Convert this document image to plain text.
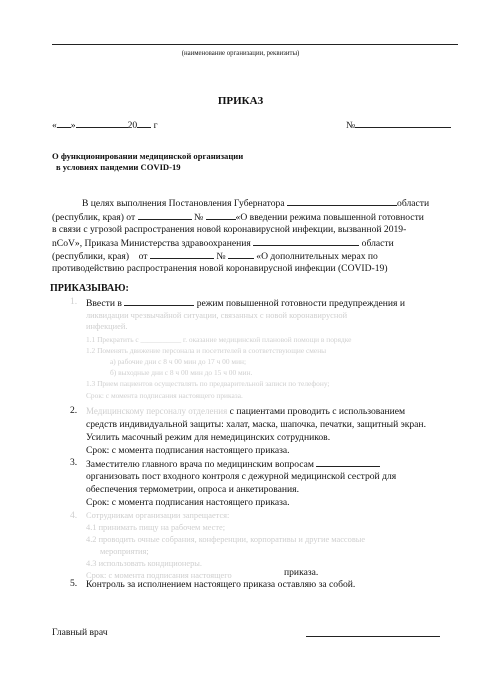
(наименование организации, реквизиты)
ПРИКАЗ
« »	20 г	№
О функционировании медицинской организации
в условиях пандемии COVID-19
В целях выполнения Постановления Губернатора	области
(республик, края) от	№	«О введении режима повышенной готовности
в связи с угрозой распространения новой коронавирусной инфекции, вызванной 2019-
nCoV», Приказа Министерства здравоохранения	области
(республики, края) от	№	«О дополнительных мерах по
противодействию распространения новой коронавирусной инфекции (COVID-19)
ПРИКАЗЫВАЮ:
1. Ввести в	режим повышенной готовности предупреждения и
ликвидации чрезвычайной ситуации, связанных с новой коронавирусной
инфекцией.
1.1 Прекратить с ___________ г. оказание медицинской плановой помощи в порядке
1.2 Поменять движение персонала и посетителей в соответствующие смены
а) рабочие дни с 8 ч 00 мин до 17 ч 00 мин;
б) выходные дни с 8 ч 00 мин до 15 ч 00 мин.
1.3 Прием пациентов осуществлять по предварительной записи по телефону;
Срок: с момента подписания настоящего приказа.
2. Медицинскому персоналу отделения с пациентами проводить с использованием
средств индивидуальной защиты: халат, маска, шапочка, печатки, защитный экран.
Усилить масочный режим для немедицинских сотрудников.
Срок: с момента подписания настоящего приказа.
3. Заместителю главного врача по медицинским вопросам
организовать пост входного контроля с дежурной медицинской сестрой для
обеспечения термометрии, опроса и анкетирования.
Срок: с момента подписания настоящего приказа.
4. Сотрудникам организации запрещается:
4.1 принимать пищу на рабочем месте;
4.2 проводить очные собрания, конференции, корпоративы и другие массовые
мероприятия;
4.3 использовать кондиционеры.
Срок: с момента подписания настоящего	приказа.
5. Контроль за исполнением настоящего приказа оставляю за собой.
Главный врач
